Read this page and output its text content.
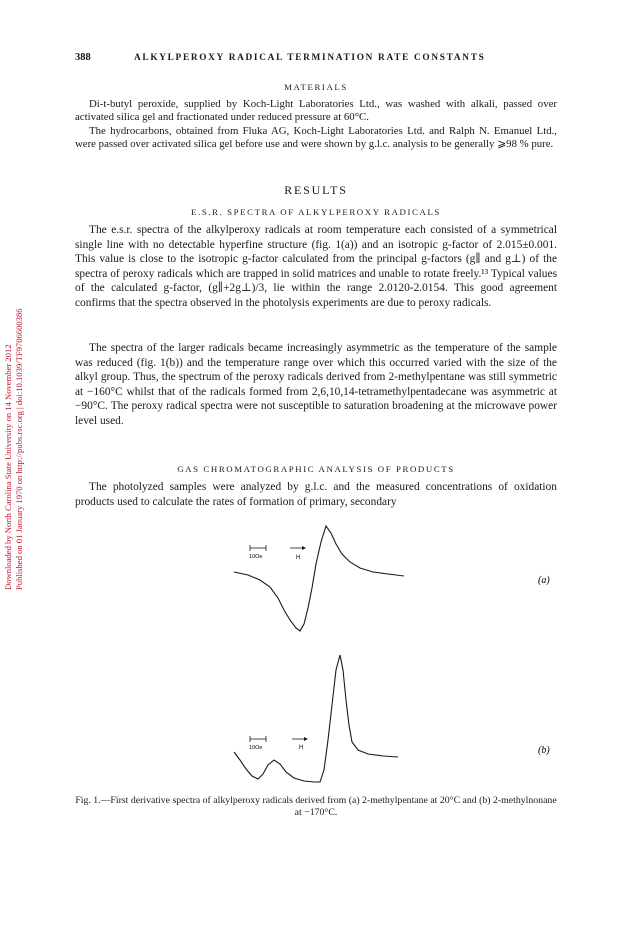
Downloaded by North Carolina State University on 14 November 2012 Published on 01 January 1970 on http://pubs.rsc.org | doi:10.1039/TF9706600386
388	ALKYLPEROXY RADICAL TERMINATION RATE CONSTANTS
MATERIALS

Di-t-butyl peroxide, supplied by Koch-Light Laboratories Ltd., was washed with alkali, passed over activated silica gel and fractionated under reduced pressure at 60°C.

The hydrocarbons, obtained from Fluka AG, Koch-Light Laboratories Ltd. and Ralph N. Emanuel Ltd., were passed over activated silica gel before use and were shown by g.l.c. analysis to be generally ⩾98 % pure.

RESULTS
E.S.R. SPECTRA OF ALKYLPEROXY RADICALS

The e.s.r. spectra of the alkylperoxy radicals at room temperature each consisted of a symmetrical single line with no detectable hyperfine structure (fig. 1(a)) and an isotropic g-factor of 2.015±0.001. This value is close to the isotropic g-factor calculated from the principal g-factors (g∥ and g⊥) of the spectra of peroxy radicals which are trapped in solid matrices and unable to rotate freely.¹³ Typical values of the calculated g-factor, (g∥+2g⊥)/3, lie within the range 2.0120-2.0154. This good agreement confirms that the spectra observed in the photolysis experiments are due to peroxy radicals.

The spectra of the larger radicals became increasingly asymmetric as the temperature of the sample was reduced (fig. 1(b)) and the temperature range over which this occurred varied with the size of the alkyl group. Thus, the spectrum of the peroxy radicals derived from 2-methylpentane was still symmetric at −160°C whilst that of the radicals formed from 2,6,10,14-tetramethylpentadecane was asymmetric at −90°C. The peroxy radical spectra were not susceptible to saturation broadening at the microwave power level used.

GAS CHROMATOGRAPHIC ANALYSIS OF PRODUCTS

The photolyzed samples were analyzed by g.l.c. and the measured concentrations of oxidation products used to calculate the rates of formation of primary, secondary

10Oe	H
(a)
10Oe	H	(b)
Fig. 1.—First derivative spectra of alkylperoxy radicals derived from (a) 2-methylpentane at 20°C and (b) 2-methylnonane at −170°C.
